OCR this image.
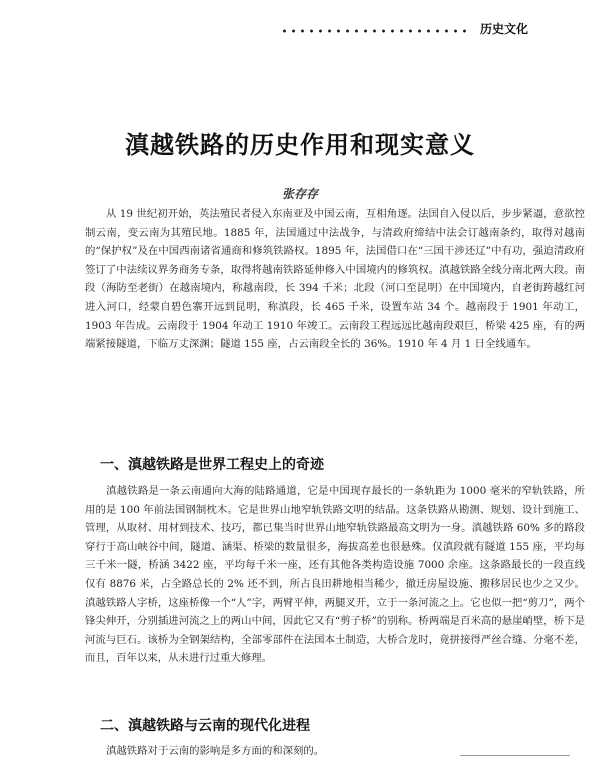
历史文化
滇越铁路的历史作用和现实意义
张存存

从 19 世纪初开始，英法殖民者侵入东南亚及中国云南，互相角逐。法国自入侵以后，步步紧逼，意欲控制云南，变云南为其殖民地。1885 年，法国通过中法战争，与清政府缔结中法会订越南条约，取得对越南的“保护权”及在中国西南诸省通商和修筑铁路权。1895 年，法国借口在“三国干涉还辽”中有功，强迫清政府签订了中法续议界务商务专条，取得将越南铁路延伸修入中国境内的修筑权。滇越铁路全线分南北两大段。南段（海防至老街）在越南境内，称越南段，长 394 千米；北段（河口至昆明）在中国境内，自老街跨越红河进入河口，经蒙自碧色寨开远到昆明，称滇段，长 465 千米，设置车站 34 个。越南段于 1901 年动工，1903 年告成。云南段于 1904 年动工 1910 年竣工。云南段工程远远比越南段艰巨，桥梁 425 座，有的两端紧接隧道，下临万丈深渊；隧道 155 座，占云南段全长的 36%。1910 年 4 月 1 日全线通车。

一、滇越铁路是世界工程史上的奇迹

滇越铁路是一条云南通向大海的陆路通道，它是中国现存最长的一条轨距为 1000 毫米的窄轨铁路，所用的是 100 年前法国钢制枕木。它是世界山地窄轨铁路文明的结晶。这条铁路从勘测、规划、设计到施工、管理，从取材、用材到技术、技巧，都已集当时世界山地窄轨铁路最高文明为一身。滇越铁路 60% 多的路段穿行于高山峡谷中间，隧道、涵渠、桥梁的数量很多，海拔高差也很悬殊。仅滇段就有隧道 155 座，平均每三千米一隧，桥涵 3422 座，平均每千米一座，还有其他各类构造设施 7000 余座。这条路最长的一段直线仅有 8876 米，占全路总长的 2% 还不到，所占良田耕地相当稀少，撤迁房屋设施、搬移居民也少之又少。滇越铁路人字桥，这座桥像一个“人”字，两臂平伸，两腿叉开，立于一条河流之上。它也似一把“剪刀”，两个锋尖伸开，分别插进河流之上的两山中间，因此它又有“剪子桥”的别称。桥两端是百米高的悬崖峭壁，桥下是河流与巨石。该桥为全钢架结构，全部零部件在法国本土制造，大桥合龙时，竟拼接得严丝合缝、分毫不差，而且，百年以来，从未进行过重大修理。

二、滇越铁路与云南的现代化进程

滇越铁路对于云南的影响是多方面的和深刻的。
